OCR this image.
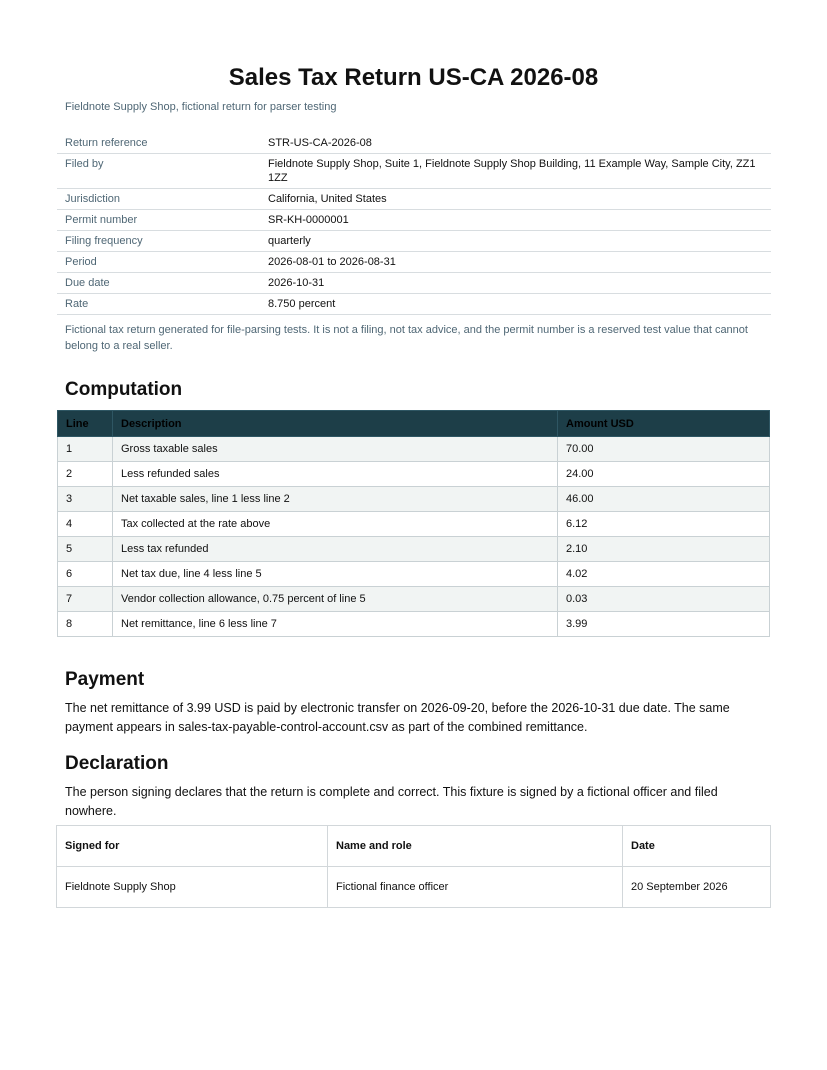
Sales Tax Return US-CA 2026-08
Fieldnote Supply Shop, fictional return for parser testing
Return reference	STR-US-CA-2026-08
Filed by	Fieldnote Supply Shop, Suite 1, Fieldnote Supply Shop Building, 11 Example Way, Sample City, ZZ1 1ZZ
Jurisdiction	California, United States
Permit number	SR-KH-0000001
Filing frequency	quarterly
Period	2026-08-01 to 2026-08-31
Due date	2026-10-31
Rate	8.750 percent
Fictional tax return generated for file-parsing tests. It is not a filing, not tax advice, and the permit number is a reserved test value that cannot belong to a real seller.
Computation
Line	Description	Amount USD
1	Gross taxable sales	70.00
2	Less refunded sales	24.00
3	Net taxable sales, line 1 less line 2	46.00
4	Tax collected at the rate above	6.12
5	Less tax refunded	2.10
6	Net tax due, line 4 less line 5	4.02
7	Vendor collection allowance, 0.75 percent of line 5	0.03
8	Net remittance, line 6 less line 7	3.99
Payment
The net remittance of 3.99 USD is paid by electronic transfer on 2026-09-20, before the 2026-10-31 due date. The same payment appears in sales-tax-payable-control-account.csv as part of the combined remittance.
Declaration
The person signing declares that the return is complete and correct. This fixture is signed by a fictional officer and filed nowhere.
Signed for	Name and role	Date
Fieldnote Supply Shop	Fictional finance officer	20 September 2026
